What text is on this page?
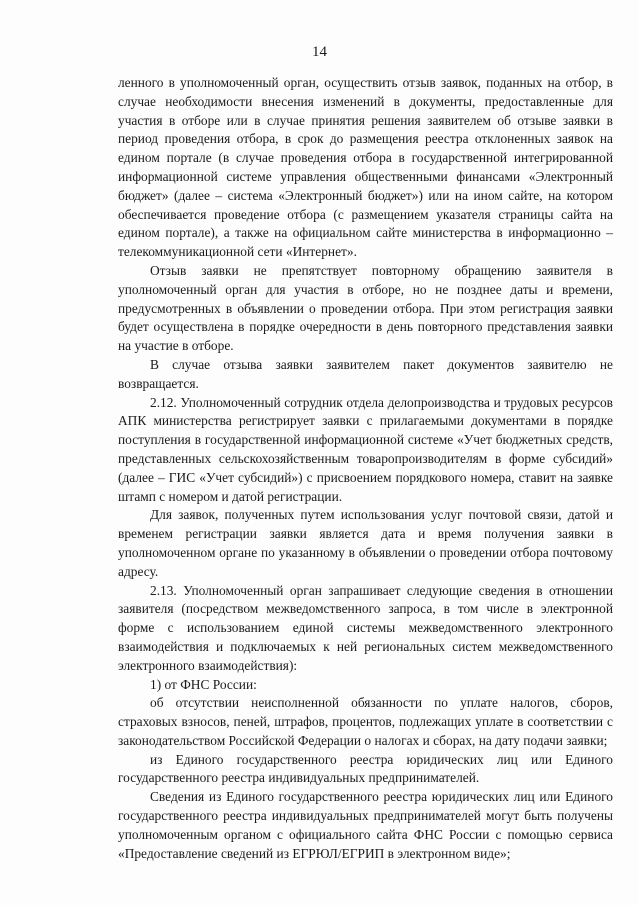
14

ленного в уполномоченный орган, осуществить отзыв заявок, поданных на отбор, в случае необходимости внесения изменений в документы, предоставленные для участия в отборе или в случае принятия решения заявителем об отзыве заявки в период проведения отбора, в срок до размещения реестра отклоненных заявок на едином портале (в случае проведения отбора в государственной интегрированной информационной системе управления общественными финансами «Электронный бюджет» (далее – система «Электронный бюджет») или на ином сайте, на котором обеспечивается проведение отбора (с размещением указателя страницы сайта на едином портале), а также на официальном сайте министерства в информационно – телекоммуникационной сети «Интернет».

Отзыв заявки не препятствует повторному обращению заявителя в уполномоченный орган для участия в отборе, но не позднее даты и времени, предусмотренных в объявлении о проведении отбора. При этом регистрация заявки будет осуществлена в порядке очередности в день повторного представления заявки на участие в отборе.

В случае отзыва заявки заявителем пакет документов заявителю не возвращается.

2.12. Уполномоченный сотрудник отдела делопроизводства и трудовых ресурсов АПК министерства регистрирует заявки с прилагаемыми документами в порядке поступления в государственной информационной системе «Учет бюджетных средств, представленных сельскохозяйственным товаропроизводителям в форме субсидий» (далее – ГИС «Учет субсидий») с присвоением порядкового номера, ставит на заявке штамп с номером и датой регистрации.

Для заявок, полученных путем использования услуг почтовой связи, датой и временем регистрации заявки является дата и время получения заявки в уполномоченном органе по указанному в объявлении о проведении отбора почтовому адресу.

2.13. Уполномоченный орган запрашивает следующие сведения в отношении заявителя (посредством межведомственного запроса, в том числе в электронной форме с использованием единой системы межведомственного электронного взаимодействия и подключаемых к ней региональных систем межведомственного электронного взаимодействия):

1) от ФНС России:

об отсутствии неисполненной обязанности по уплате налогов, сборов, страховых взносов, пеней, штрафов, процентов, подлежащих уплате в соответствии с законодательством Российской Федерации о налогах и сборах, на дату подачи заявки;

из Единого государственного реестра юридических лиц или Единого государственного реестра индивидуальных предпринимателей.

Сведения из Единого государственного реестра юридических лиц или Единого государственного реестра индивидуальных предпринимателей могут быть получены уполномоченным органом с официального сайта ФНС России с помощью сервиса «Предоставление сведений из ЕГРЮЛ/ЕГРИП в электронном виде»;
